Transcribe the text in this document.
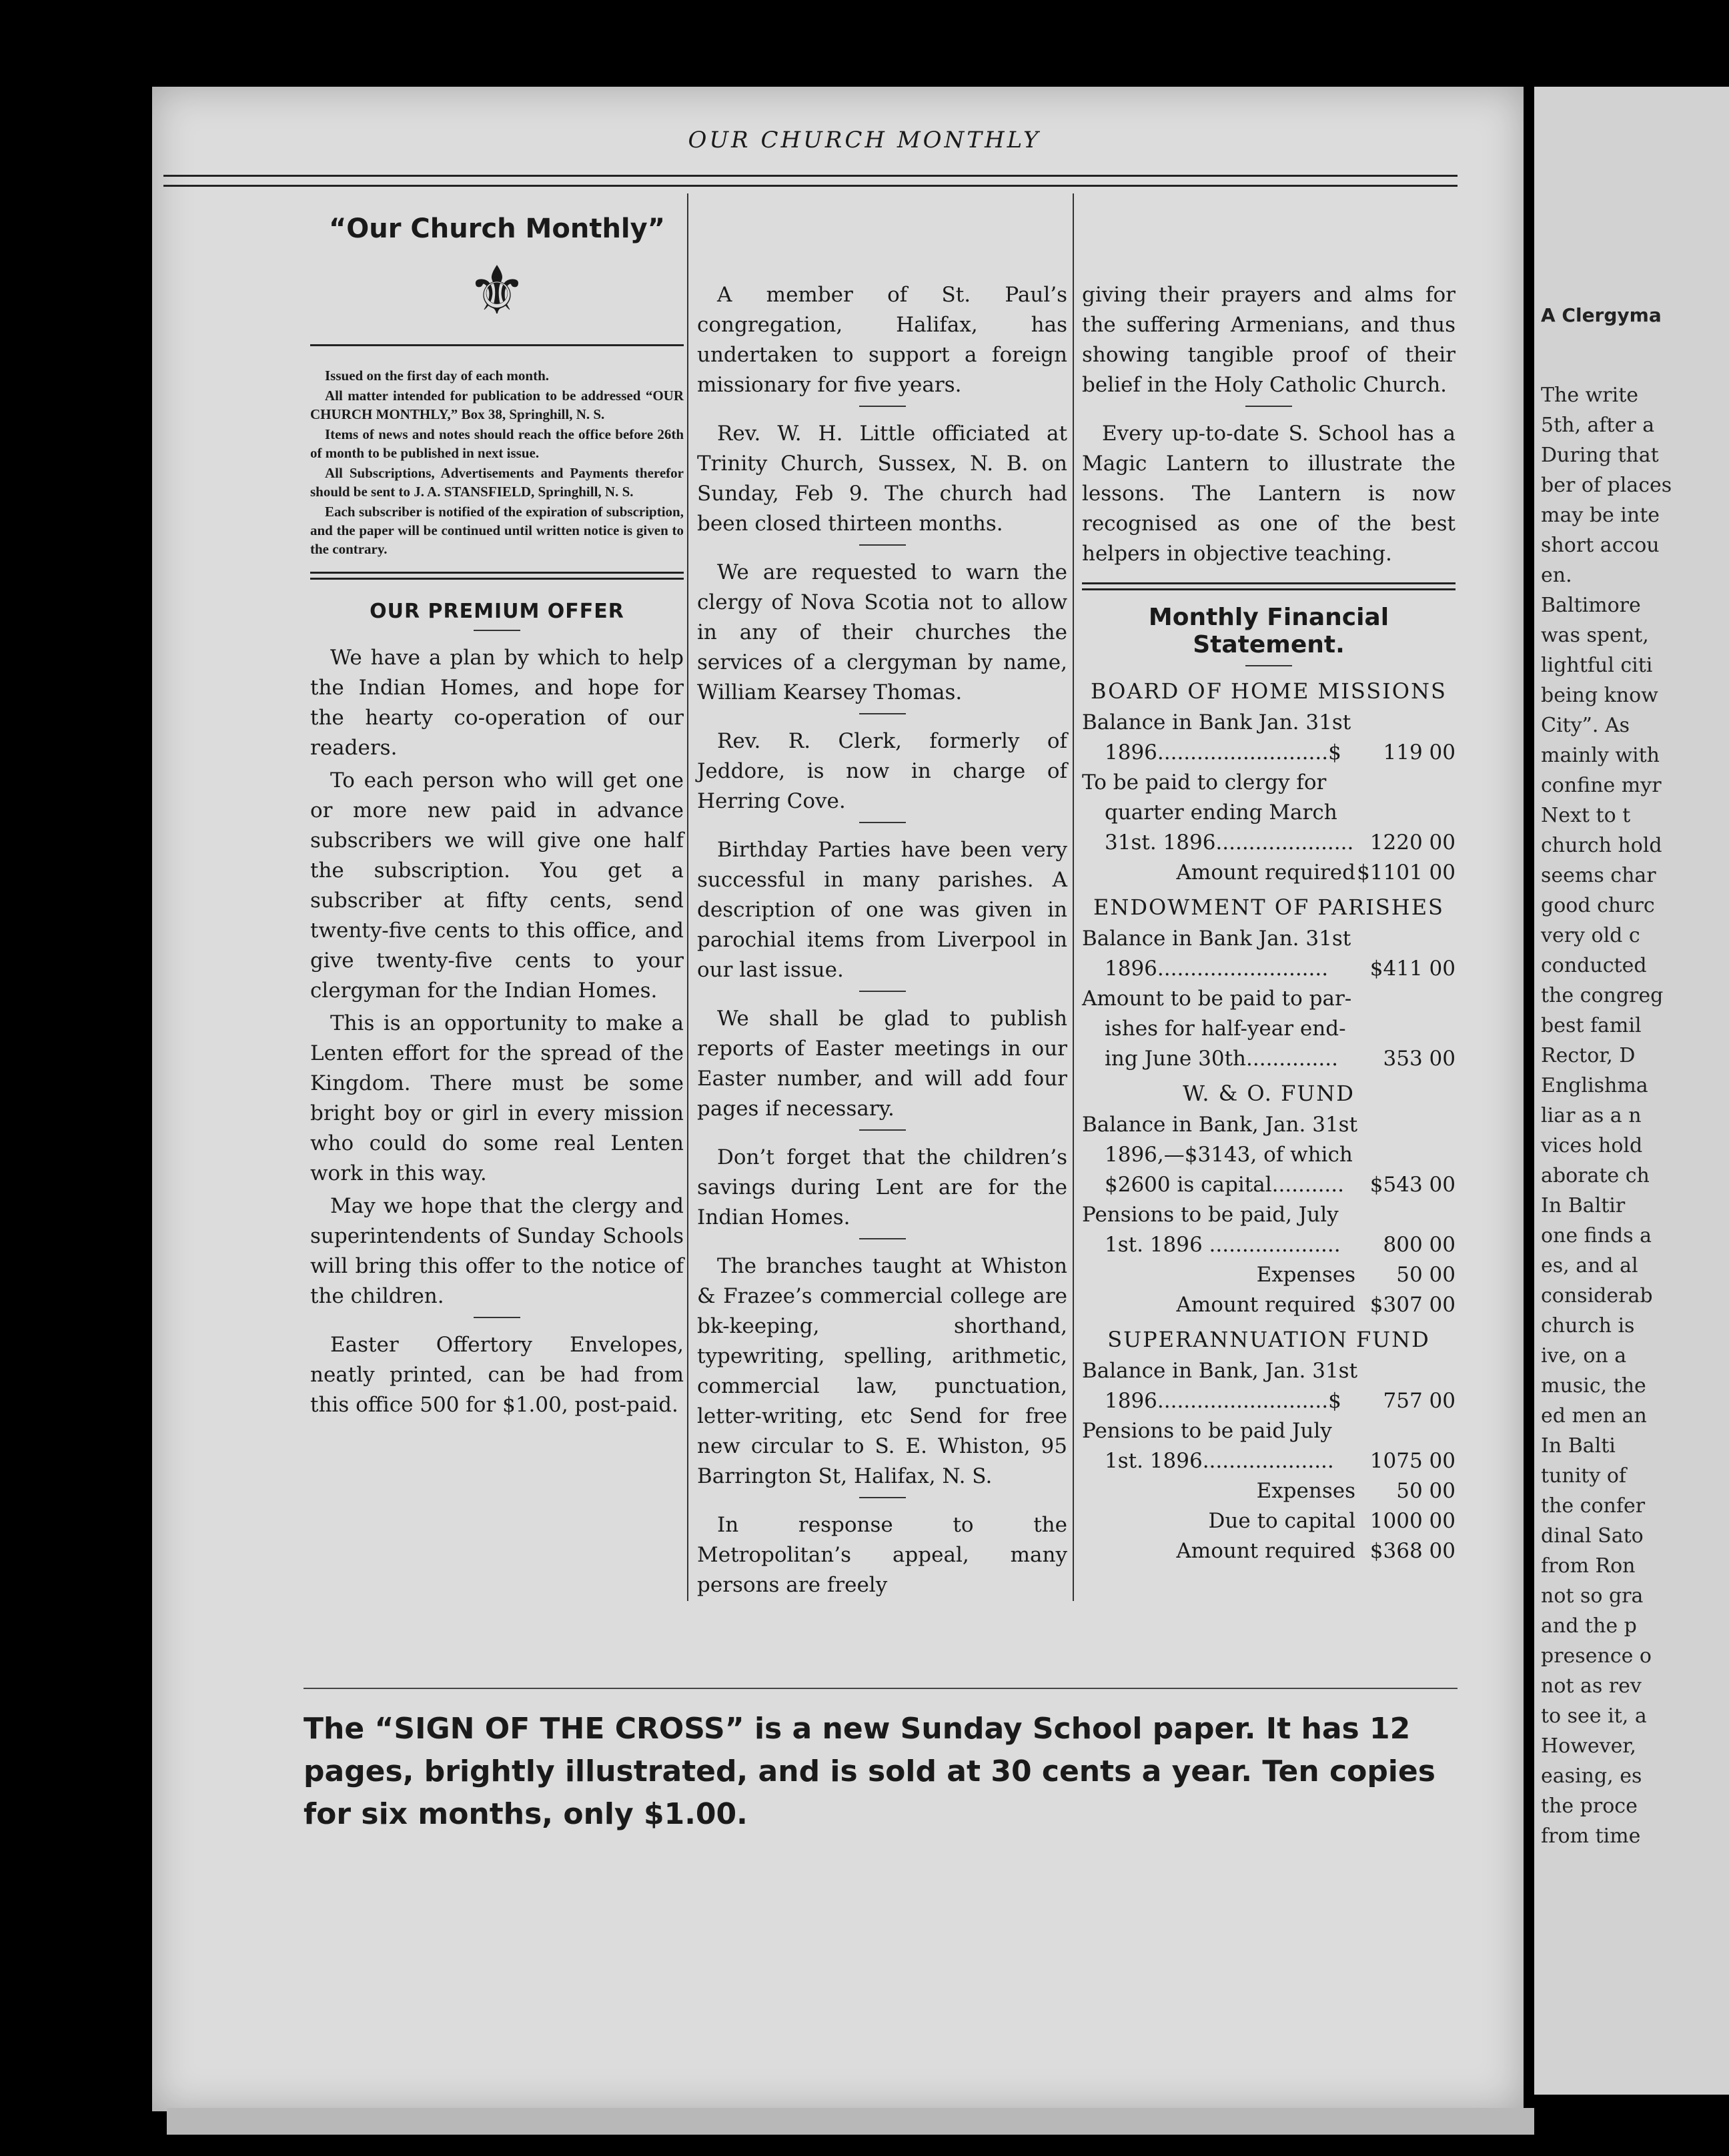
A Clergyma
The write
5th, after a
During that
ber of places
may be inte
short accou
en.
Baltimore
was spent,
lightful citi
being know
City”. As
mainly with
confine myr
Next to t
church hold
seems char
good churc
very old c
conducted
the congreg
best famil
Rector, D
Englishma
liar as a n
vices hold
aborate ch
In Baltir
one finds a
es, and al
considerab
church is
ive, on a
music, the
ed men an
In Balti
tunity of
the confer
dinal Sato
from Ron
not so gra
and the p
presence o
not as rev
to see it, a
However,
easing, es
the proce
from time
OUR CHURCH MONTHLY
“Our Church Monthly”
⚜

Issued on the first day of each month.

All matter intended for publication to be addressed “OUR CHURCH MONTHLY,” Box 38, Springhill, N. S.

Items of news and notes should reach the office before 26th of month to be published in next issue.

All Subscriptions, Advertisements and Payments therefor should be sent to J. A. STANSFIELD, Springhill, N. S.

Each subscriber is notified of the expiration of subscription, and the paper will be continued until written notice is given to the contrary.

OUR PREMIUM OFFER

We have a plan by which to help the Indian Homes, and hope for the hearty co-operation of our readers.

To each person who will get one or more new paid in advance subscribers we will give one half the subscription. You get a subscriber at fifty cents, send twenty-five cents to this office, and give twenty-five cents to your clergyman for the Indian Homes.

This is an opportunity to make a Lenten effort for the spread of the Kingdom. There must be some bright boy or girl in every mission who could do some real Lenten work in this way.

May we hope that the clergy and superintendents of Sunday Schools will bring this offer to the notice of the children.

Easter Offertory Envelopes, neatly printed, can be had from this office 500 for $1.00, post-paid.

A member of St. Paul’s congregation, Halifax, has undertaken to support a foreign missionary for five years.

Rev. W. H. Little officiated at Trinity Church, Sussex, N. B. on Sunday, Feb 9. The church had been closed thirteen months.

We are requested to warn the clergy of Nova Scotia not to allow in any of their churches the services of a clergyman by name, William Kearsey Thomas.

Rev. R. Clerk, formerly of Jeddore, is now in charge of Herring Cove.

Birthday Parties have been very successful in many parishes. A description of one was given in parochial items from Liverpool in our last issue.

We shall be glad to publish reports of Easter meetings in our Easter number, and will add four pages if necessary.

Don’t forget that the children’s savings during Lent are for the Indian Homes.

The branches taught at Whiston & Frazee’s commercial college are bk-keeping, shorthand, typewriting, spelling, arithmetic, commercial law, punctuation, letter-writing, etc Send for free new circular to S. E. Whiston, 95 Barrington St, Halifax, N. S.

In response to the Metropolitan’s appeal, many persons are freely

giving their prayers and alms for the suffering Armenians, and thus showing tangible proof of their belief in the Holy Catholic Church.

Every up-to-date S. School has a Magic Lantern to illustrate the lessons. The Lantern is now recognised as one of the best helpers in objective teaching.

Monthly Financial Statement.
BOARD OF HOME MISSIONS
Balance in Bank Jan. 31st
1896..........................$	119 00
To be paid to clergy for
quarter ending March
31st. 1896..................... 1220 00
Amount required $1101 00
ENDOWMENT OF PARISHES
Balance in Bank Jan. 31st
1896..........................	$411 00
Amount to be paid to par-
ishes for half-year end-
ing June 30th..............	353 00
W. & O. FUND
Balance in Bank, Jan. 31st
1896,—$3143, of which
$2600 is capital...........	$543 00
Pensions to be paid, July
1st. 1896 ....................	800 00
Expenses	50 00
Amount required $307 00
SUPERANNUATION FUND
Balance in Bank, Jan. 31st
1896..........................$	757 00
Pensions to be paid July
1st. 1896....................	1075 00
Expenses	50 00
Due to capital 1000 00
Amount required $368 00
The “SIGN OF THE CROSS” is a new Sunday School paper. It has 12 pages, brightly illustrated, and is sold at 30 cents a year. Ten copies for six months, only $1.00.
